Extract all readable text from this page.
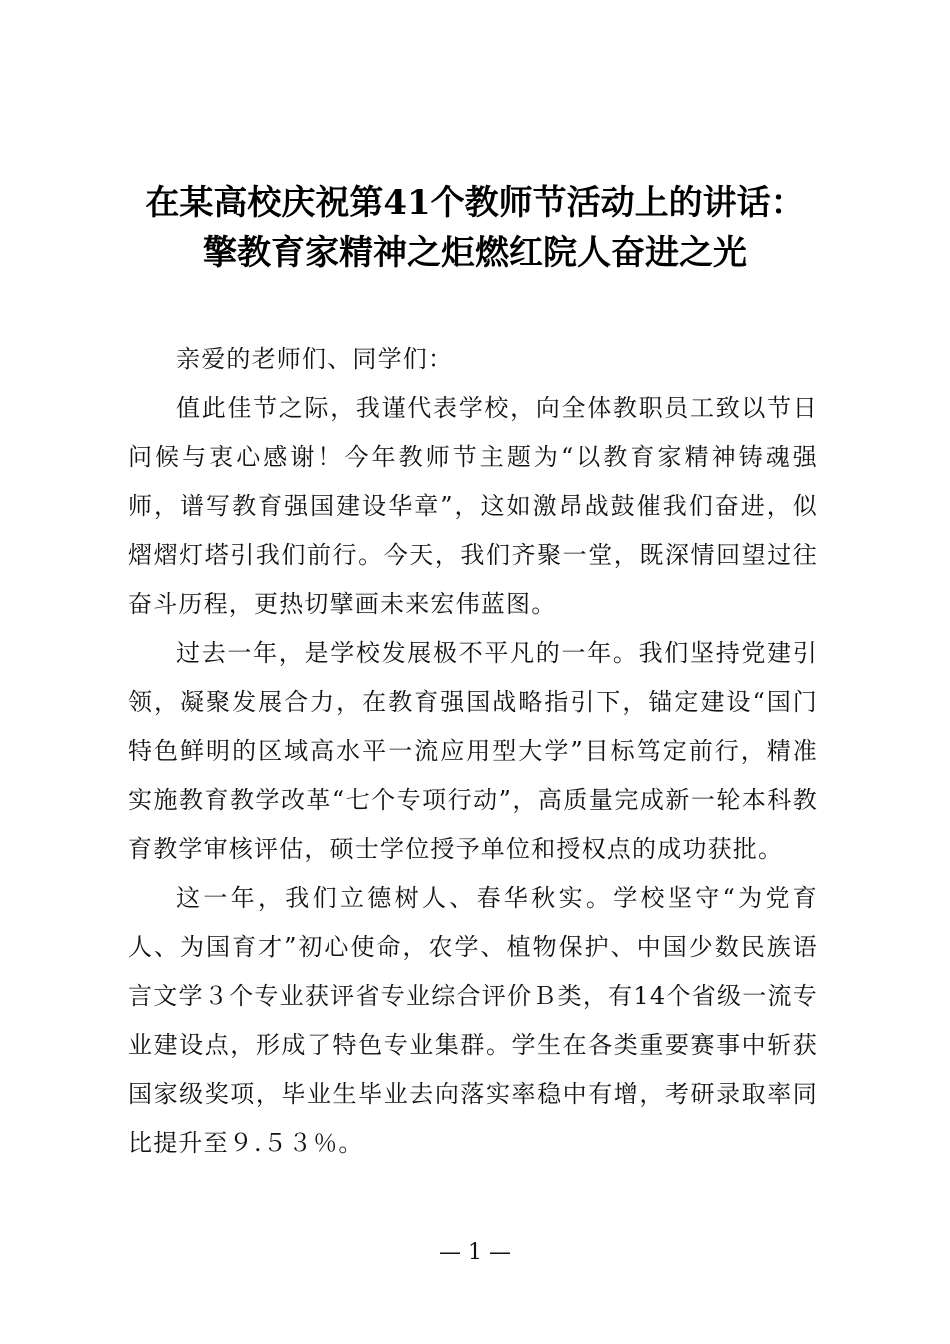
在某高校庆祝第41个教师节活动上的讲话：
擎教育家精神之炬燃红院人奋进之光

亲爱的老师们、同学们：

值此佳节之际，我谨代表学校，向全体教职员工致以节日问候与衷心感谢！今年教师节主题为“以教育家精神铸魂强师，谱写教育强国建设华章”，这如激昂战鼓催我们奋进，似熠熠灯塔引我们前行。今天，我们齐聚一堂，既深情回望过往奋斗历程，更热切擘画未来宏伟蓝图。

过去一年，是学校发展极不平凡的一年。我们坚持党建引领，凝聚发展合力，在教育强国战略指引下，锚定建设“国门特色鲜明的区域高水平一流应用型大学”目标笃定前行，精准实施教育教学改革“七个专项行动”，高质量完成新一轮本科教育教学审核评估，硕士学位授予单位和授权点的成功获批。

这一年，我们立德树人、春华秋实。学校坚守“为党育人、为国育才”初心使命，农学、植物保护、中国少数民族语言文学３个专业获评省专业综合评价Ｂ类，有14个省级一流专业建设点，形成了特色专业集群。学生在各类重要赛事中斩获国家级奖项，毕业生毕业去向落实率稳中有增，考研录取率同比提升至９.５３％。

— 1 —
